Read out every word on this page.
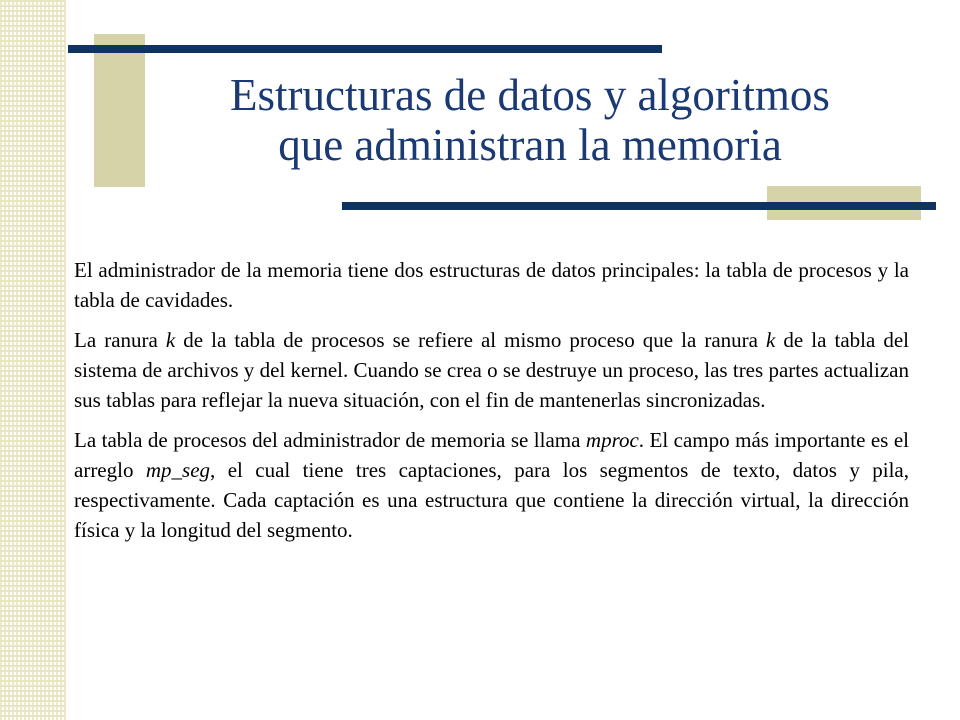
Estructuras de datos y algoritmos
que administran la memoria

El administrador de la memoria tiene dos estructuras de datos principales: la tabla de procesos y la tabla de cavidades.

La ranura k de la tabla de procesos se refiere al mismo proceso que la ranura k de la tabla del sistema de archivos y del kernel. Cuando se crea o se destruye un proceso, las tres partes actualizan sus tablas para reflejar la nueva situación, con el fin de mantenerlas sincronizadas.

La tabla de procesos del administrador de memoria se llama mproc. El campo más importante es el arreglo mp_seg, el cual tiene tres captaciones, para los segmentos de texto, datos y pila, respectivamente. Cada captación es una estructura que contiene la dirección virtual, la dirección física y la longitud del segmento.
